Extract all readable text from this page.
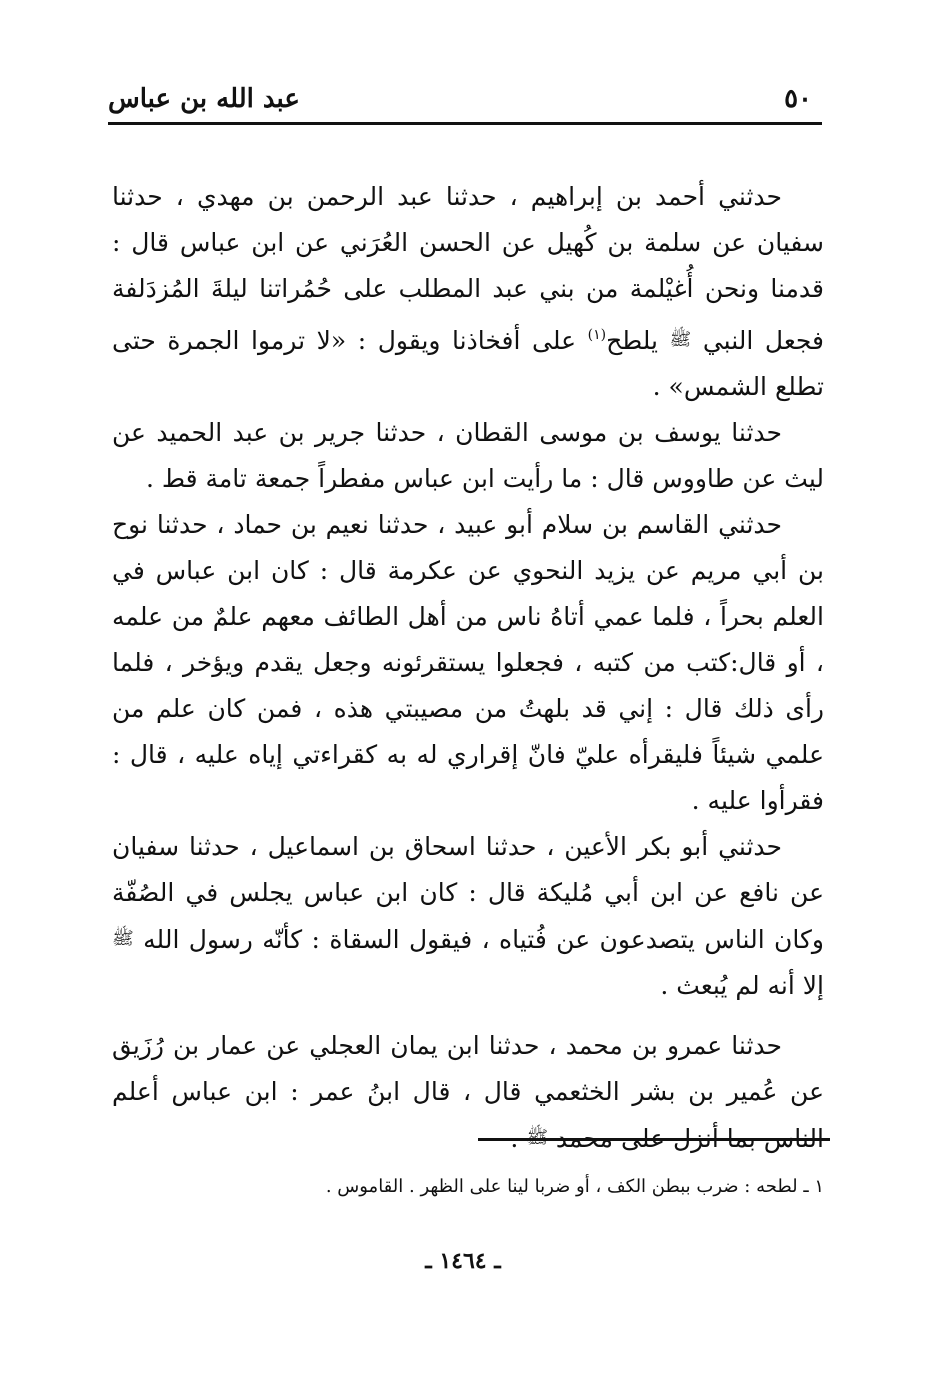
٥٠
عبد الله بن عباس

حدثني أحمد بن إبراهيم ، حدثنا عبد الرحمن بن مهدي ، حدثنا سفيان عن سلمة بن كُهيل عن الحسن العُرَني عن ابن عباس قال : قدمنا ونحن أُغيْلمة من بني عبد المطلب على حُمُراتنا ليلةَ المُزدَلفة فجعل النبي ﷺ يلطح$^{(١)}$ على أفخاذنا ويقول : «لا ترموا الجمرة حتى تطلع الشمس» .

حدثنا يوسف بن موسى القطان ، حدثنا جرير بن عبد الحميد عن ليث عن طاووس قال : ما رأيت ابن عباس مفطراً جمعة تامة قط .

حدثني القاسم بن سلام أبو عبيد ، حدثنا نعيم بن حماد ، حدثنا نوح بن أبي مريم عن يزيد النحوي عن عكرمة قال : كان ابن عباس في العلم بحراً ، فلما عمي أتاهُ ناس من أهل الطائف معهم علمٌ من علمه ، أو قال:كتب من كتبه ، فجعلوا يستقرئونه وجعل يقدم ويؤخر ، فلما رأى ذلك قال : إني قد بلهتُ من مصيبتي هذه ، فمن كان علم من علمي شيئاً فليقرأه عليّ فانّ إقراري له به كقراءتي إياه عليه ، قال : فقرأوا عليه .

حدثني أبو بكر الأعين ، حدثنا اسحاق بن اسماعيل ، حدثنا سفيان عن نافع عن ابن أبي مُليكة قال : كان ابن عباس يجلس في الصُفّة وكان الناس يتصدعون عن فُتياه ، فيقول السقاة : كأنّه رسول الله ﷺ إلا أنه لم يُبعث .

حدثنا عمرو بن محمد ، حدثنا ابن يمان العجلي عن عمار بن رُزَيق عن عُمير بن بشر الخثعمي قال ، قال ابنُ عمر : ابن عباس أعلم الناس بما أنزل على محمد ﷺ .

١ ـ لطحه : ضرب ببطن الكف ، أو ضربا لينا على الظهر . القاموس .
ـ ١٤٦٤ ـ
